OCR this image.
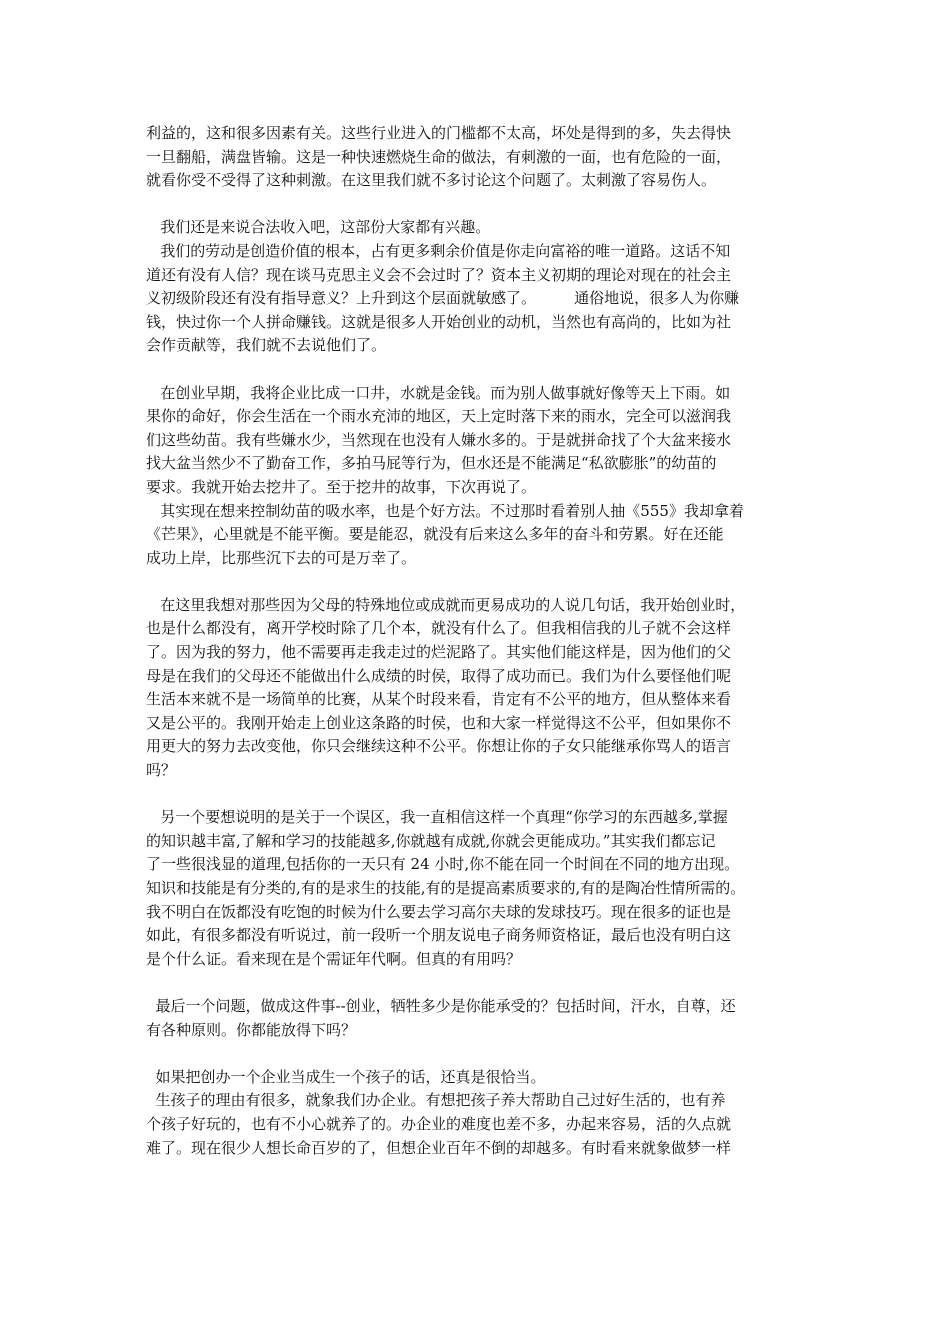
利益的，这和很多因素有关。这些行业进入的门槛都不太高，坏处是得到的多，失去得快
一旦翻船，满盘皆输。这是一种快速燃烧生命的做法，有刺激的一面，也有危险的一面，
就看你受不受得了这种刺激。在这里我们就不多讨论这个问题了。太刺激了容易伤人。
我们还是来说合法收入吧，这部份大家都有兴趣。
我们的劳动是创造价值的根本，占有更多剩余价值是你走向富裕的唯一道路。这话不知
道还有没有人信？现在谈马克思主义会不会过时了？资本主义初期的理论对现在的社会主
义初级阶段还有没有指导意义？上升到这个层面就敏感了。        通俗地说，很多人为你赚
钱，快过你一个人拼命赚钱。这就是很多人开始创业的动机，当然也有高尚的，比如为社
会作贡献等，我们就不去说他们了。
在创业早期，我将企业比成一口井，水就是金钱。而为别人做事就好像等天上下雨。如
果你的命好，你会生活在一个雨水充沛的地区，天上定时落下来的雨水，完全可以滋润我
们这些幼苗。我有些嫌水少，当然现在也没有人嫌水多的。于是就拼命找了个大盆来接水
找大盆当然少不了勤奋工作，多拍马屁等行为，但水还是不能满足“私欲膨胀”的幼苗的
要求。我就开始去挖井了。至于挖井的故事，下次再说了。
其实现在想来控制幼苗的吸水率，也是个好方法。不过那时看着别人抽《555》我却拿着
《芒果》，心里就是不能平衡。要是能忍，就没有后来这么多年的奋斗和劳累。好在还能
成功上岸，比那些沉下去的可是万幸了。
在这里我想对那些因为父母的特殊地位或成就而更易成功的人说几句话，我开始创业时，
也是什么都没有，离开学校时除了几个本，就没有什么了。但我相信我的儿子就不会这样
了。因为我的努力，他不需要再走我走过的烂泥路了。其实他们能这样是，因为他们的父
母是在我们的父母还不能做出什么成绩的时侯，取得了成功而已。我们为什么要怪他们呢
生活本来就不是一场简单的比赛，从某个时段来看，肯定有不公平的地方，但从整体来看
又是公平的。我刚开始走上创业这条路的时侯，也和大家一样觉得这不公平，但如果你不
用更大的努力去改变他，你只会继续这种不公平。你想让你的子女只能继承你骂人的语言
吗？
另一个要想说明的是关于一个误区，我一直相信这样一个真理“你学习的东西越多,掌握
的知识越丰富,了解和学习的技能越多,你就越有成就,你就会更能成功。”其实我们都忘记
了一些很浅显的道理,包括你的一天只有 24 小时,你不能在同一个时间在不同的地方出现。
知识和技能是有分类的,有的是求生的技能,有的是提高素质要求的,有的是陶冶性情所需的。
我不明白在饭都没有吃饱的时候为什么要去学习高尔夫球的发球技巧。现在很多的证也是
如此，有很多都没有听说过，前一段听一个朋友说电子商务师资格证，最后也没有明白这
是个什么证。看来现在是个需证年代啊。但真的有用吗？
最后一个问题，做成这件事--创业，牺牲多少是你能承受的？包括时间，汗水，自尊，还
有各种原则。你都能放得下吗？
如果把创办一个企业当成生一个孩子的话，还真是很恰当。
生孩子的理由有很多，就象我们办企业。有想把孩子养大帮助自己过好生活的，也有养
个孩子好玩的，也有不小心就养了的。办企业的难度也差不多，办起来容易，活的久点就
难了。现在很少人想长命百岁的了，但想企业百年不倒的却越多。有时看来就象做梦一样
